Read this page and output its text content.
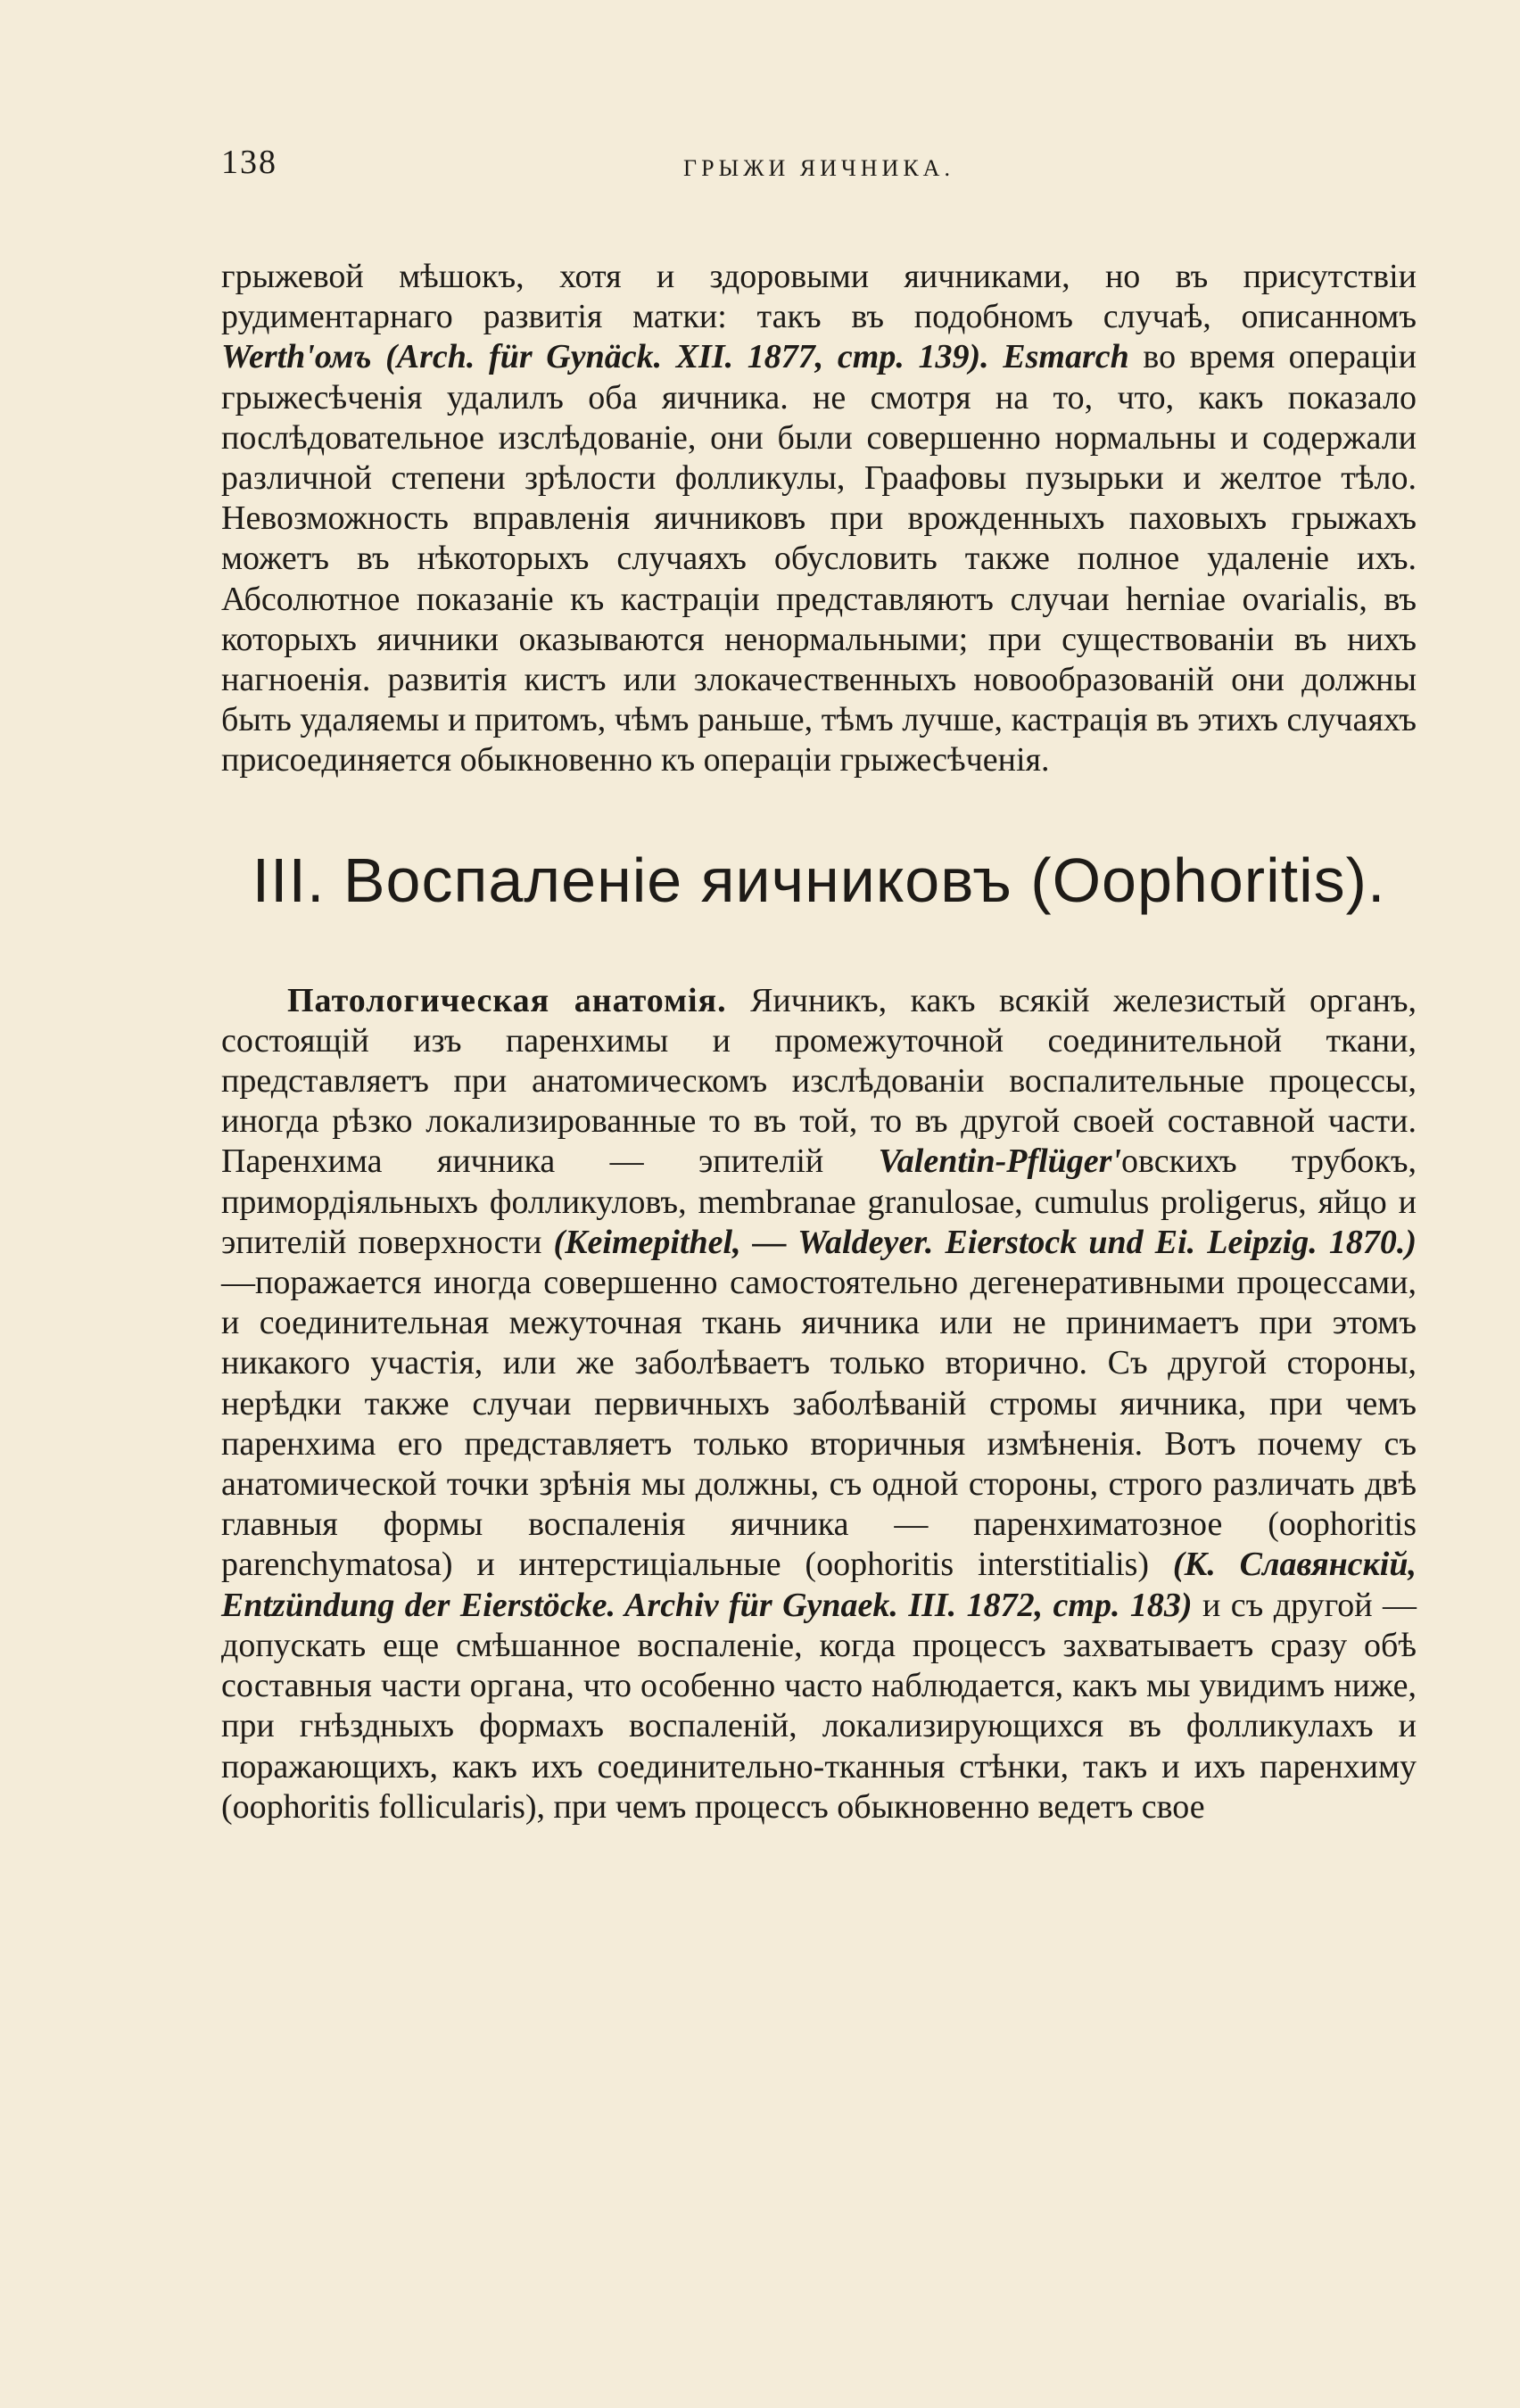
138	ГРЫЖИ ЯИЧНИКА.

грыжевой мѣшокъ, хотя и здоровыми яичниками, но въ присутствіи рудиментарнаго развитія матки: такъ въ подобномъ случаѣ, описанномъ Werth'омъ (Arch. für Gynäck. XII. 1877, стр. 139). Esmarch во время операціи грыжесѣченія удалилъ оба яичника. не смотря на то, что, какъ показало послѣдовательное изслѣдованіе, они были совершенно нормальны и содержали различной степени зрѣлости фолликулы, Граафовы пузырьки и желтое тѣло. Невозможность вправленія яичниковъ при врожденныхъ паховыхъ грыжахъ можетъ въ нѣкоторыхъ случаяхъ обусловить также полное удаленіе ихъ. Абсолютное показаніе къ кастраціи представляютъ случаи herniae ovarialis, въ которыхъ яичники оказываются ненормальными; при существованіи въ нихъ нагноенія. развитія кистъ или злокачественныхъ новообразованій они должны быть удаляемы и притомъ, чѣмъ раньше, тѣмъ лучше, кастрація въ этихъ случаяхъ присоединяется обыкновенно къ операціи грыжесѣченія.

III. Воспаленіе яичниковъ (Oophoritis).

Патологическая анатомія. Яичникъ, какъ всякій железистый органъ, состоящій изъ паренхимы и промежуточной соединительной ткани, представляетъ при анатомическомъ изслѣдованіи воспалительные процессы, иногда рѣзко локализированные то въ той, то въ другой своей составной части. Паренхима яичника — эпителій Valentin-Pflüger'овскихъ трубокъ, примордіяльныхъ фолликуловъ, membranae granulosae, cumulus proligerus, яйцо и эпителій поверхности (Keimepithel, — Waldeyer. Eierstock und Ei. Leipzig. 1870.)—поражается иногда совершенно самостоятельно дегенеративными процессами, и соединительная межуточная ткань яичника или не принимаетъ при этомъ никакого участія, или же заболѣваетъ только вторично. Съ другой стороны, нерѣдки также случаи первичныхъ заболѣваній стромы яичника, при чемъ паренхима его представляетъ только вторичныя измѣненія. Вотъ почему съ анатомической точки зрѣнія мы должны, съ одной стороны, строго различать двѣ главныя формы воспаленія яичника — паренхиматозное (oophoritis parenchymatosa) и интерстиціальные (oophoritis interstitialis) (К. Славянскій, Entzündung der Eierstöcke. Archiv für Gynaek. III. 1872, стр. 183) и съ другой — допускать еще смѣшанное воспаленіе, когда процессъ захватываетъ сразу обѣ составныя части органа, что особенно часто наблюдается, какъ мы увидимъ ниже, при гнѣздныхъ формахъ воспаленій, локализирующихся въ фолликулахъ и поражающихъ, какъ ихъ соединительно-тканныя стѣнки, такъ и ихъ паренхиму (oophoritis follicularis), при чемъ процессъ обыкновенно ведетъ свое
